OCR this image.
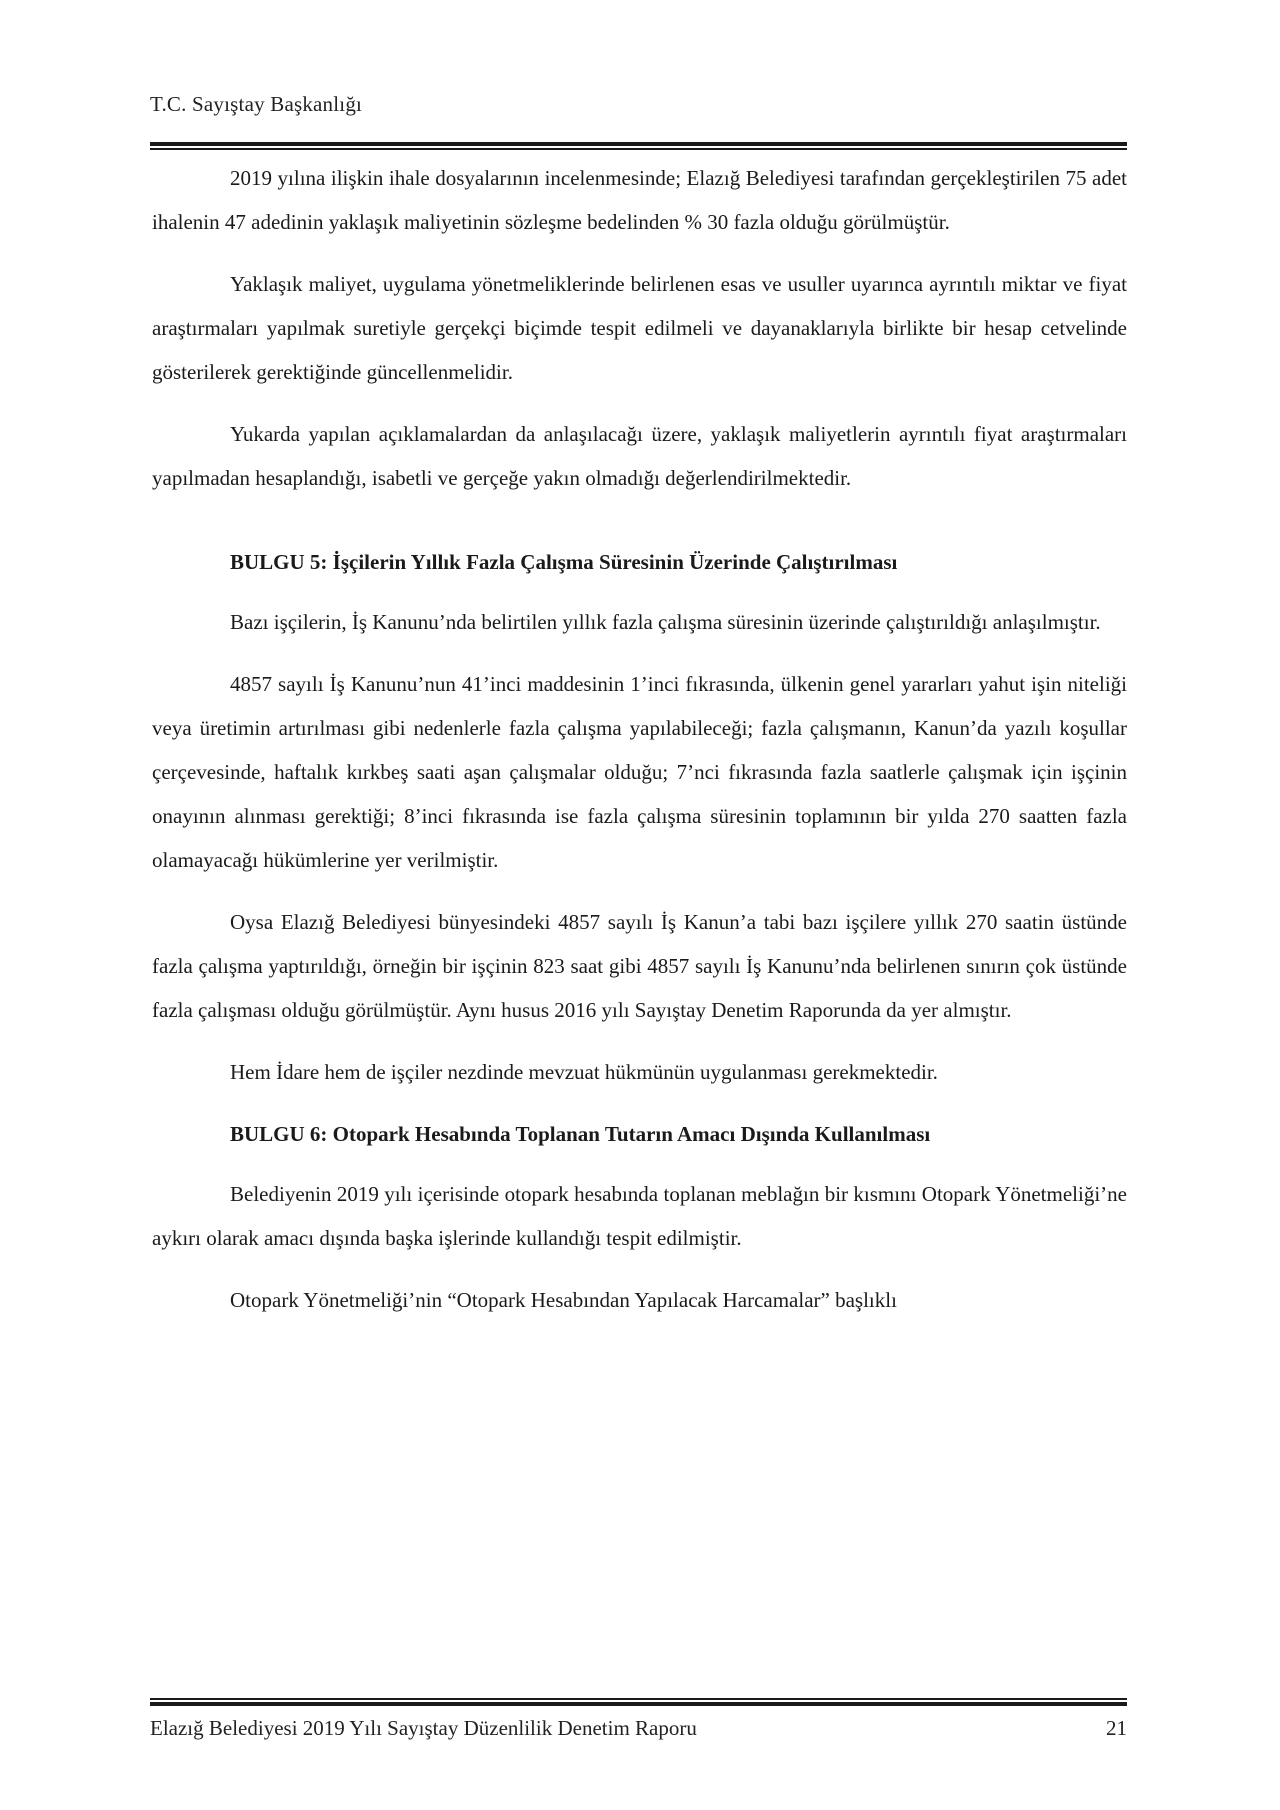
T.C. Sayıştay Başkanlığı

2019 yılına ilişkin ihale dosyalarının incelenmesinde; Elazığ Belediyesi tarafından gerçekleştirilen 75 adet ihalenin 47 adedinin yaklaşık maliyetinin sözleşme bedelinden % 30 fazla olduğu görülmüştür.

Yaklaşık maliyet, uygulama yönetmeliklerinde belirlenen esas ve usuller uyarınca ayrıntılı miktar ve fiyat araştırmaları yapılmak suretiyle gerçekçi biçimde tespit edilmeli ve dayanaklarıyla birlikte bir hesap cetvelinde gösterilerek gerektiğinde güncellenmelidir.

Yukarda yapılan açıklamalardan da anlaşılacağı üzere, yaklaşık maliyetlerin ayrıntılı fiyat araştırmaları yapılmadan hesaplandığı, isabetli ve gerçeğe yakın olmadığı değerlendirilmektedir.

BULGU 5: İşçilerin Yıllık Fazla Çalışma Süresinin Üzerinde Çalıştırılması

Bazı işçilerin, İş Kanunu’nda belirtilen yıllık fazla çalışma süresinin üzerinde çalıştırıldığı anlaşılmıştır.

4857 sayılı İş Kanunu’nun 41’inci maddesinin 1’inci fıkrasında, ülkenin genel yararları yahut işin niteliği veya üretimin artırılması gibi nedenlerle fazla çalışma yapılabileceği; fazla çalışmanın, Kanun’da yazılı koşullar çerçevesinde, haftalık kırkbeş saati aşan çalışmalar olduğu; 7’nci fıkrasında fazla saatlerle çalışmak için işçinin onayının alınması gerektiği; 8’inci fıkrasında ise fazla çalışma süresinin toplamının bir yılda 270 saatten fazla olamayacağı hükümlerine yer verilmiştir.

Oysa Elazığ Belediyesi bünyesindeki 4857 sayılı İş Kanun’a tabi bazı işçilere yıllık 270 saatin üstünde fazla çalışma yaptırıldığı, örneğin bir işçinin 823 saat gibi 4857 sayılı İş Kanunu’nda belirlenen sınırın çok üstünde fazla çalışması olduğu görülmüştür. Aynı husus 2016 yılı Sayıştay Denetim Raporunda da yer almıştır.

Hem İdare hem de işçiler nezdinde mevzuat hükmünün uygulanması gerekmektedir.

BULGU 6: Otopark Hesabında Toplanan Tutarın Amacı Dışında Kullanılması

Belediyenin 2019 yılı içerisinde otopark hesabında toplanan meblağın bir kısmını Otopark Yönetmeliği’ne aykırı olarak amacı dışında başka işlerinde kullandığı tespit edilmiştir.

Otopark Yönetmeliği’nin “Otopark Hesabından Yapılacak Harcamalar” başlıklı

Elazığ Belediyesi 2019 Yılı Sayıştay Düzenlilik Denetim Raporu	21
